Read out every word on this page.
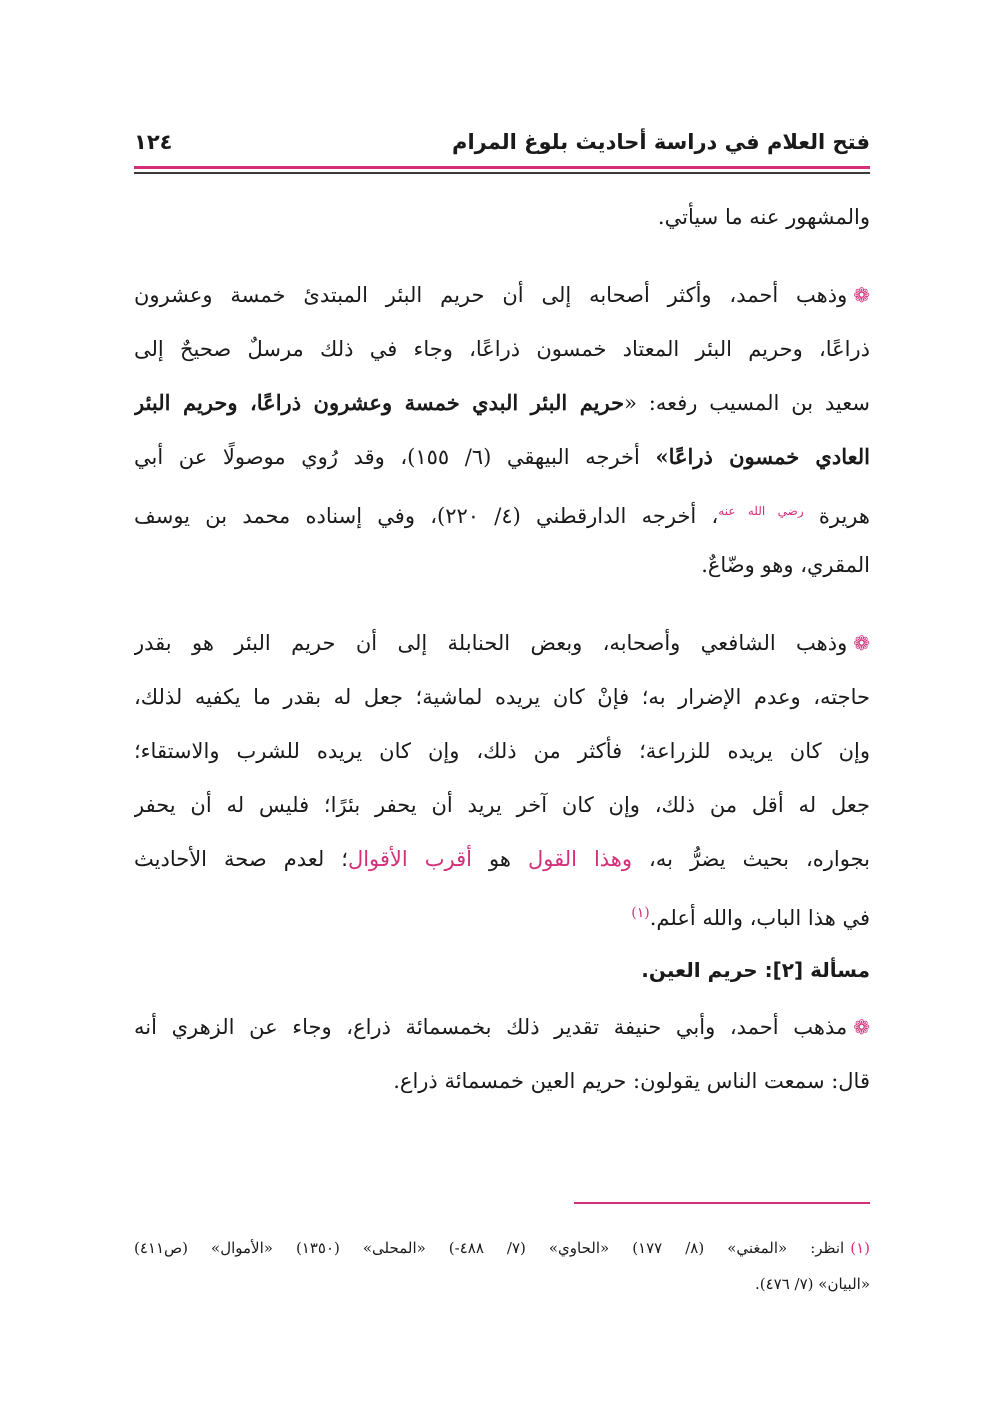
فتح العلام في دراسة أحاديث بلوغ المرام
١٢٤
والمشهور عنه ما سيأتي.
❁وذهب أحمد، وأكثر أصحابه إلى أن حريم البئر المبتدئ خمسة وعشرون
ذراعًا، وحريم البئر المعتاد خمسون ذراعًا، وجاء في ذلك مرسلٌ صحيحٌ إلى
سعيد بن المسيب رفعه: «حريم البئر البدي خمسة وعشرون ذراعًا، وحريم البئر
العادي خمسون ذراعًا» أخرجه البيهقي (٦/ ١٥٥)، وقد رُوي موصولًا عن أبي
هريرة $^{رضي الله عنه}$، أخرجه الدارقطني (٤/ ٢٢٠)، وفي إسناده محمد بن يوسف
المقري، وهو وضّاعٌ.
❁وذهب الشافعي وأصحابه، وبعض الحنابلة إلى أن حريم البئر هو بقدر
حاجته، وعدم الإضرار به؛ فإنْ كان يريده لماشية؛ جعل له بقدر ما يكفيه لذلك،
وإن كان يريده للزراعة؛ فأكثر من ذلك، وإن كان يريده للشرب والاستقاء؛
جعل له أقل من ذلك، وإن كان آخر يريد أن يحفر بئرًا؛ فليس له أن يحفر
بجواره، بحيث يضرُّ به، وهذا القول هو أقرب الأقوال؛ لعدم صحة الأحاديث
في هذا الباب، والله أعلم.$^{(١)}$
مسألة [٢]: حريم العين.
❁مذهب أحمد، وأبي حنيفة تقدير ذلك بخمسمائة ذراع، وجاء عن الزهري أنه
قال: سمعت الناس يقولون: حريم العين خمسمائة ذراع.
(١)انظر: «المغني» (٨/ ١٧٧) «الحاوي» (٧/ ٤٨٨-) «المحلى» (١٣٥٠) «الأموال» (ص٤١١)
«البيان» (٧/ ٤٧٦).
